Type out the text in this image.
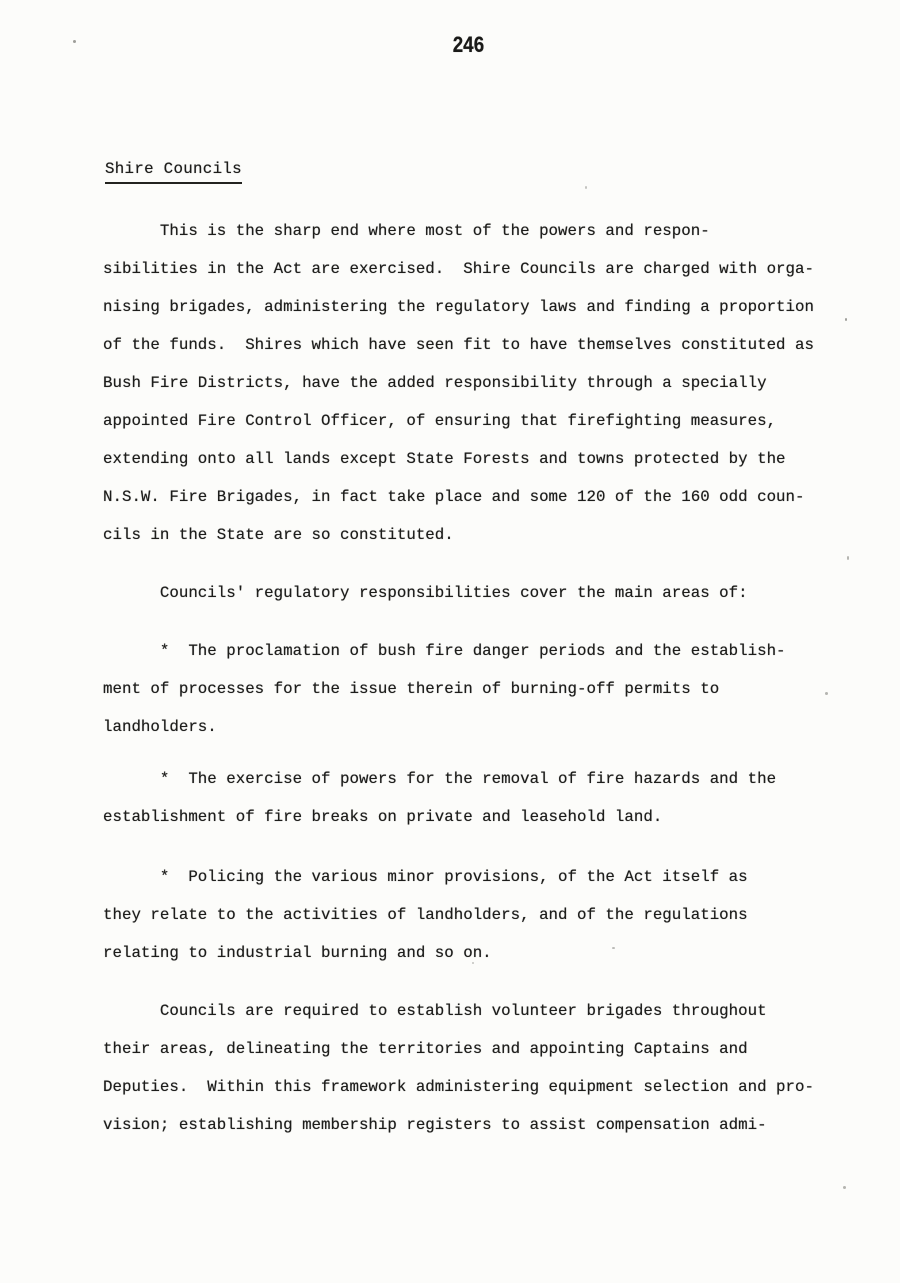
246
Shire Councils
This is the sharp end where most of the powers and respon-
sibilities in the Act are exercised.  Shire Councils are charged with orga-
nising brigades, administering the regulatory laws and finding a proportion
of the funds.  Shires which have seen fit to have themselves constituted as
Bush Fire Districts, have the added responsibility through a specially
appointed Fire Control Officer, of ensuring that firefighting measures,
extending onto all lands except State Forests and towns protected by the
N.S.W. Fire Brigades, in fact take place and some 120 of the 160 odd coun-
cils in the State are so constituted.
Councils' regulatory responsibilities cover the main areas of:
*  The proclamation of bush fire danger periods and the establish-
ment of processes for the issue therein of burning-off permits to
landholders.
*  The exercise of powers for the removal of fire hazards and the
establishment of fire breaks on private and leasehold land.
*  Policing the various minor provisions, of the Act itself as
they relate to the activities of landholders, and of the regulations
relating to industrial burning and so on.
Councils are required to establish volunteer brigades throughout
their areas, delineating the territories and appointing Captains and
Deputies.  Within this framework administering equipment selection and pro-
vision; establishing membership registers to assist compensation admi-
